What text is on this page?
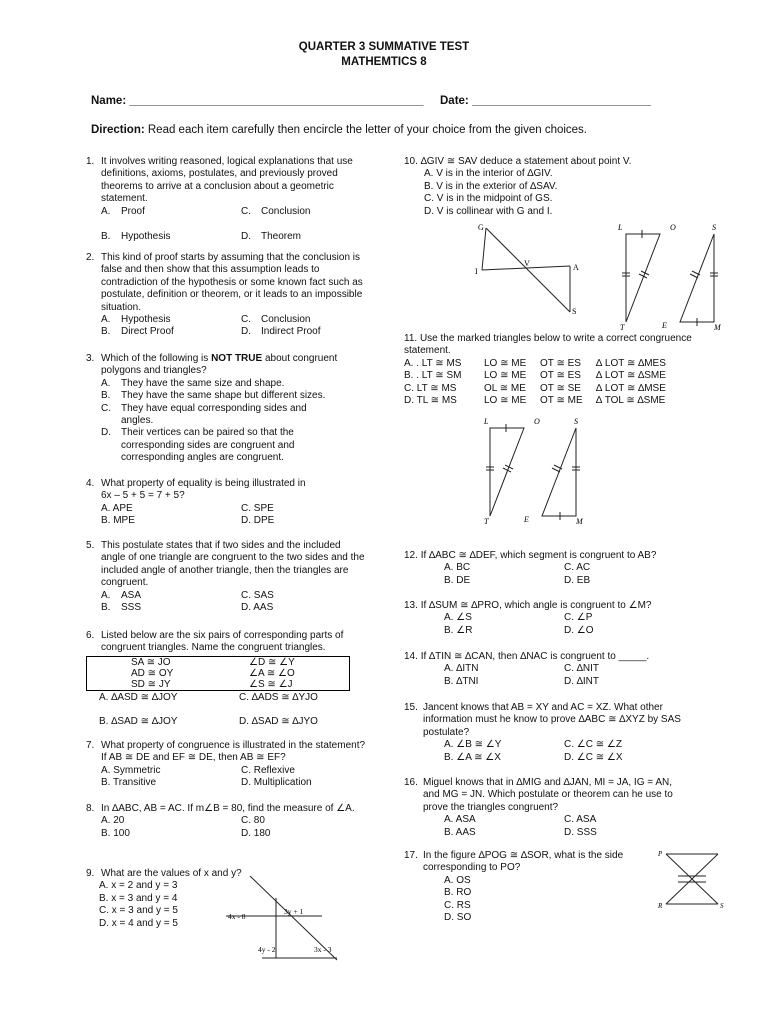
QUARTER 3 SUMMATIVE TEST
MATHEMTICS 8
Name: ______________________________________________ Date: ____________________________
Direction: Read each item carefully then encircle the letter of your choice from the given choices.
1. It involves writing reasoned, logical explanations that use definitions, axioms, postulates, and previously proved theorems to arrive at a conclusion about a geometric statement.
A.	Proof	C.	Conclusion
B.	Hypothesis	D.	Theorem
2. This kind of proof starts by assuming that the conclusion is false and then show that this assumption leads to contradiction of the hypothesis or some known fact such as postulate, definition or theorem, or it leads to an impossible situation.
A.	Hypothesis	C.	Conclusion
B.	Direct Proof	D.	Indirect Proof
3. Which of the following is NOT TRUE about congruent polygons and triangles?
A.	They have the same size and shape.
B.	They have the same shape but different sizes.
C.	They have equal corresponding sides and angles.
D.	Their vertices can be paired so that the corresponding sides are congruent and corresponding angles are congruent.
4. What property of equality is being illustrated in
6x – 5 + 5 = 7 + 5?
A. APE	C. SPE
B. MPE	D. DPE
5. This postulate states that if two sides and the included angle of one triangle are congruent to the two sides and the included angle of another triangle, then the triangles are congruent.
A.	ASA	C. SAS
B.	SSS	D. AAS
6. Listed below are the six pairs of corresponding parts of congruent triangles. Name the congruent triangles.
SA ≅ JO	∠D ≅ ∠Y
AD ≅ OY	∠A ≅ ∠O
SD ≅ JY	∠S ≅ ∠J
A. ∆ASD ≅ ∆JOY	C. ∆ADS ≅ ∆YJO
B. ∆SAD ≅ ∆JOY	D. ∆SAD ≅ ∆JYO
7. What property of congruence is illustrated in the statement? If AB ≅ DE and EF ≅ DE, then AB ≅ EF?
A. Symmetric	C. Reflexive
B. Transitive	D. Multiplication
8. In ∆ABC, AB = AC. If m∠B = 80, find the measure of ∠A.
A. 20	C. 80
B. 100	D. 180
9. What are the values of x and y?
A. x = 2 and y = 3
B. x = 3 and y = 4
C. x = 3 and y = 5
D. x = 4 and y = 5
4x - 8
3y + 1
4y - 2	3x - 3
10. ∆GIV ≅ SAV deduce a statement about point V.
A. V is in the interior of ∆GIV.
B. V is in the exterior of ∆SAV.
C. V is in the midpoint of GS.
D. V is collinear with G and I.
G
I
V	A
S
L	O	S
T	E	M
11. Use the marked triangles below to write a correct congruence statement.
A. . LT ≅ MS	LO ≅ ME	OT ≅ ES	∆ LOT ≅ ∆MES
B. . LT ≅ SM	LO ≅ ME	OT ≅ ES	∆ LOT ≅ ∆SME
C. LT ≅ MS	OL ≅ ME	OT ≅ SE	∆ LOT ≅ ∆MSE
D. TL ≅ MS	LO ≅ ME	OT ≅ ME	∆ TOL ≅ ∆SME
L	O	S
T	E	M
12. If ∆ABC ≅ ∆DEF, which segment is congruent to AB?
A. BC	C. AC
B. DE	D. EB
13. If ∆SUM ≅ ∆PRO, which angle is congruent to ∠M?
A. ∠S	C. ∠P
B. ∠R	D. ∠O
14. If ∆TIN ≅ ∆CAN, then ∆NAC is congruent to _____.
A. ∆ITN	C. ∆NIT
B. ∆TNI	D. ∆INT
15. Jancent knows that AB = XY and AC = XZ. What other information must he know to prove ∆ABC ≅ ∆XYZ by SAS postulate?
A. ∠B ≅ ∠Y	C. ∠C ≅ ∠Z
B. ∠A ≅ ∠X	D. ∠C ≅ ∠X
16. Miguel knows that in ∆MIG and ∆JAN, MI = JA, IG = AN, and MG = JN. Which postulate or theorem can he use to prove the triangles congruent?
A. ASA	C. ASA
B. AAS	D. SSS
17. In the figure ∆POG ≅ ∆SOR, what is the side corresponding to PO?
A. OS
B. RO
C. RS
D. SO
P
R	S
